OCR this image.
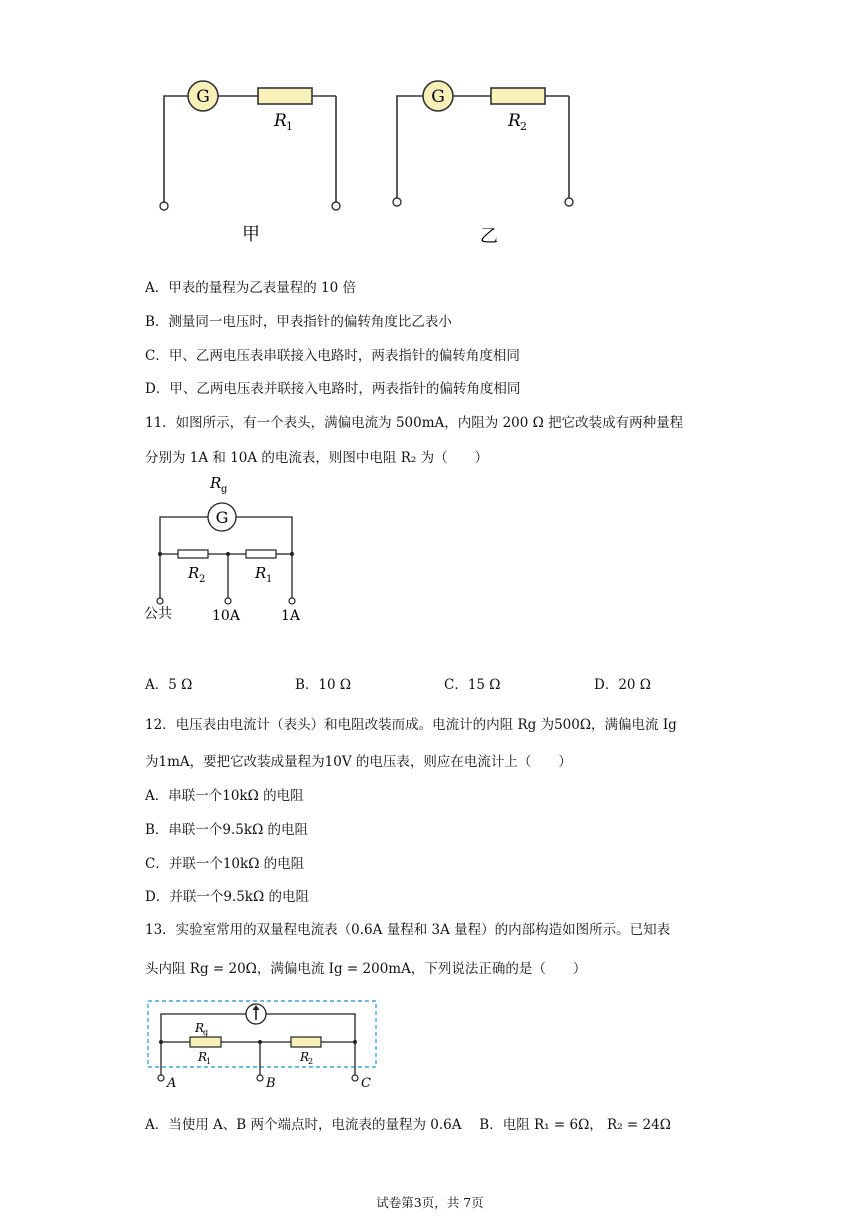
G
R 1
甲
G
R 2
乙
A．甲表的量程为乙表量程的 10 倍
B．测量同一电压时，甲表指针的偏转角度比乙表小
C．甲、乙两电压表串联接入电路时，两表指针的偏转角度相同
D．甲、乙两电压表并联接入电路时，两表指针的偏转角度相同
11．如图所示，有一个表头，满偏电流为 500mA，内阻为 200 Ω 把它改装成有两种量程
分别为 1A 和 10A 的电流表，则图中电阻 R₂ 为（　　）
R g
G
R 2	R 1
公共	10A	1A
A．5 Ω	B．10 Ω	C．15 Ω	D．20 Ω
12．电压表由电流计（表头）和电阻改装而成。电流计的内阻 Rg 为500Ω，满偏电流 Ig
为1mA，要把它改装成量程为10V 的电压表，则应在电流计上（　　）
A．串联一个10kΩ 的电阻
B．串联一个9.5kΩ 的电阻
C．并联一个10kΩ 的电阻
D．并联一个9.5kΩ 的电阻
13．实验室常用的双量程电流表（0.6A 量程和 3A 量程）的内部构造如图所示。已知表
头内阻 Rg = 20Ω，满偏电流 Ig = 200mA，下列说法正确的是（　　）
R
g
R
1	R
2
A	B	C
A．当使用 A、B 两个端点时，电流表的量程为 0.6A　 B．电阻 R₁ = 6Ω， R₂ = 24Ω
试卷第3页，共 7页
